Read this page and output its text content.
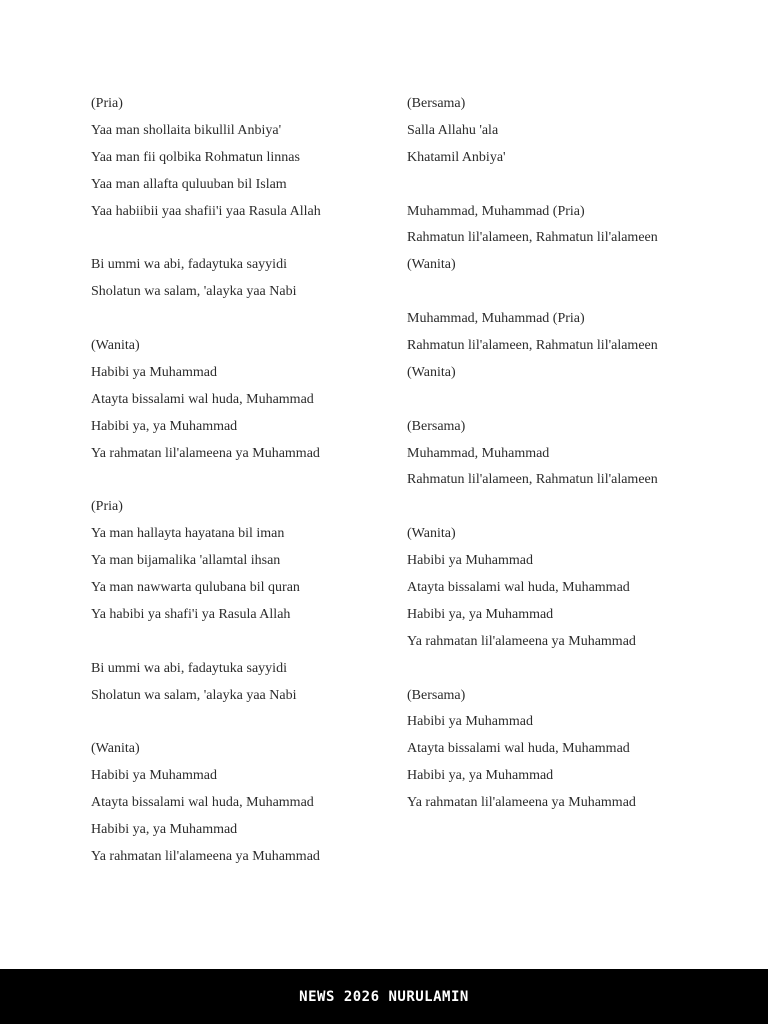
(Pria)
Yaa man shollaita bikullil Anbiya'
Yaa man fii qolbika Rohmatun linnas
Yaa man allafta quluuban bil Islam
Yaa habiibii yaa shafii'i yaa Rasula Allah
Bi ummi wa abi, fadaytuka sayyidi
Sholatun wa salam, 'alayka yaa Nabi
(Wanita)
Habibi ya Muhammad
Atayta bissalami wal huda, Muhammad
Habibi ya, ya Muhammad
Ya rahmatan lil'alameena ya Muhammad
(Pria)
Ya man hallayta hayatana bil iman
Ya man bijamalika 'allamtal ihsan
Ya man nawwarta qulubana bil quran
Ya habibi ya shafi'i ya Rasula Allah
Bi ummi wa abi, fadaytuka sayyidi
Sholatun wa salam, 'alayka yaa Nabi
(Wanita)
Habibi ya Muhammad
Atayta bissalami wal huda, Muhammad
Habibi ya, ya Muhammad
Ya rahmatan lil'alameena ya Muhammad
(Bersama)
Salla Allahu 'ala
Khatamil Anbiya'
Muhammad, Muhammad (Pria)
Rahmatun lil'alameen, Rahmatun lil'alameen
(Wanita)
Muhammad, Muhammad (Pria)
Rahmatun lil'alameen, Rahmatun lil'alameen
(Wanita)
(Bersama)
Muhammad, Muhammad
Rahmatun lil'alameen, Rahmatun lil'alameen
(Wanita)
Habibi ya Muhammad
Atayta bissalami wal huda, Muhammad
Habibi ya, ya Muhammad
Ya rahmatan lil'alameena ya Muhammad
(Bersama)
Habibi ya Muhammad
Atayta bissalami wal huda, Muhammad
Habibi ya, ya Muhammad
Ya rahmatan lil'alameena ya Muhammad
NEWS 2026 NURULAMIN
